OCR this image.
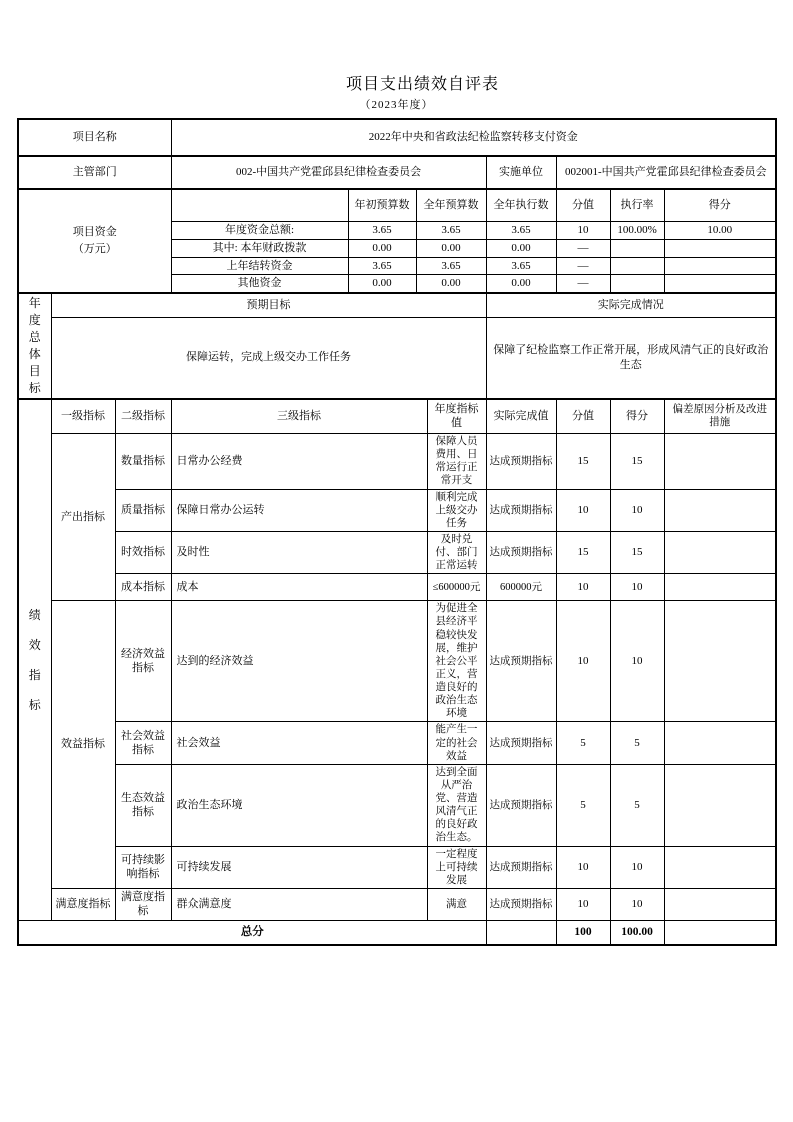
项目支出绩效自评表
（2023年度）
项目名称			2022年中央和省政法纪检监察转移支付资金							
主管部门			002-中国共产党霍邱县纪律检查委员会				实施单位	002001-中国共产党霍邱县纪律检查委员会		

项目资金
（万元）				年初预算数	全年预算数		全年执行数	分值	执行率	得分
			年度资金总额:	3.65	3.65		3.65	10	100.00%	10.00
			其中: 本年财政拨款	0.00	0.00		0.00	—		
			上年结转资金	3.65	3.65		3.65	—		
			其他资金	0.00	0.00		0.00	—		

年度总体目标	预期目标						实际完成情况			
	保障运转，完成上级交办工作任务						保障了纪检监察工作正常开展，形成风清气正的良好政治生态			

绩效指标	一级指标	二级指标	三级指标			年度指标值	实际完成值	分值	得分	偏差原因分析及改进措施
	产出指标	数量指标	日常办公经费			保障人员费用、日常运行正常开支	达成预期指标	15	15	
		质量指标	保障日常办公运转			顺利完成上级交办任务	达成预期指标	10	10	
		时效指标	及时性			及时兑付、部门正常运转	达成预期指标	15	15	
		成本指标	成本			≤600000元	600000元	10	10	
	效益指标	经济效益指标	达到的经济效益			为促进全县经济平稳较快发展，维护社会公平正义，营造良好的政治生态环境	达成预期指标	10	10	
		社会效益指标	社会效益			能产生一定的社会效益	达成预期指标	5	5	
		生态效益指标	政治生态环境			达到全面从严治党、营造风清气正的良好政治生态。	达成预期指标	5	5	
		可持续影响指标	可持续发展			一定程度上可持续发展	达成预期指标	10	10	
	满意度指标	满意度指标	群众满意度			满意	达成预期指标	10	10	
总分								100	100.00	
